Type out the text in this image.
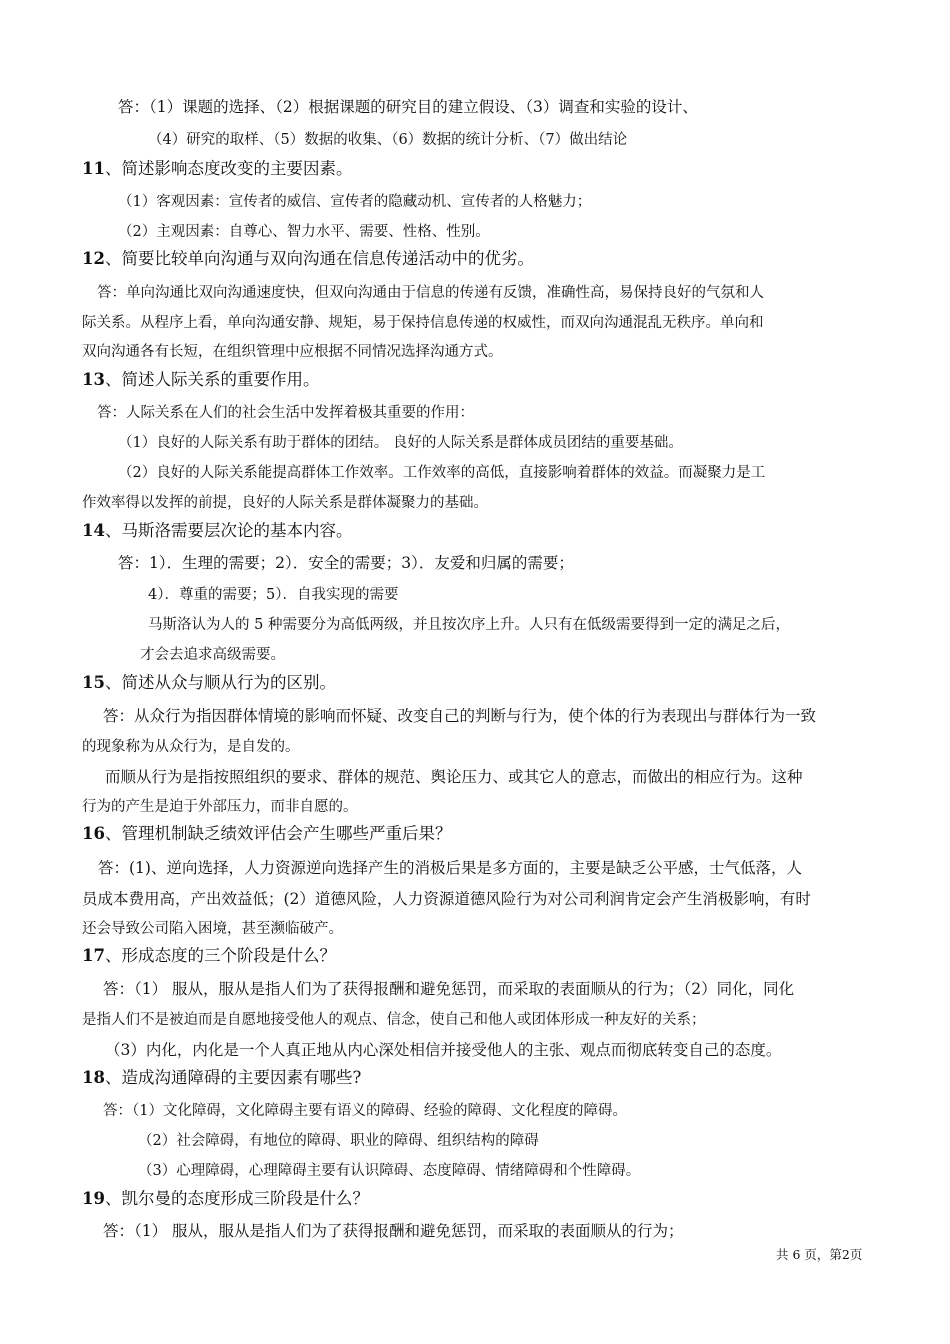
答：（1）课题的选择、（2）根据课题的研究目的建立假设、（3）调查和实验的设计、
（4）研究的取样、（5）数据的收集、（6）数据的统计分析、（7）做出结论
11、简述影响态度改变的主要因素。
（1）客观因素：宣传者的威信、宣传者的隐藏动机、宣传者的人格魅力；
（2）主观因素：自尊心、智力水平、需要、性格、性别。
12、简要比较单向沟通与双向沟通在信息传递活动中的优劣。
答：单向沟通比双向沟通速度快，但双向沟通由于信息的传递有反馈，准确性高，易保持良好的气氛和人
际关系。从程序上看，单向沟通安静、规矩，易于保持信息传递的权威性，而双向沟通混乱无秩序。单向和
双向沟通各有长短，在组织管理中应根据不同情况选择沟通方式。
13、简述人际关系的重要作用。
答：人际关系在人们的社会生活中发挥着极其重要的作用：
（1）良好的人际关系有助于群体的团结。 良好的人际关系是群体成员团结的重要基础。
（2）良好的人际关系能提高群体工作效率。工作效率的高低，直接影响着群体的效益。而凝聚力是工
作效率得以发挥的前提，良好的人际关系是群体凝聚力的基础。
14、马斯洛需要层次论的基本内容。
答：1）．生理的需要；2）．安全的需要；3）．友爱和归属的需要；
4）．尊重的需要；5）．自我实现的需要
马斯洛认为人的 5 种需要分为高低两级，并且按次序上升。人只有在低级需要得到一定的满足之后，
才会去追求高级需要。
15、简述从众与顺从行为的区别。
答：从众行为指因群体情境的影响而怀疑、改变自己的判断与行为，使个体的行为表现出与群体行为一致
的现象称为从众行为，是自发的。
而顺从行为是指按照组织的要求、群体的规范、舆论压力、或其它人的意志，而做出的相应行为。这种
行为的产生是迫于外部压力，而非自愿的。
16、管理机制缺乏绩效评估会产生哪些严重后果？
答：(1)、逆向选择，人力资源逆向选择产生的消极后果是多方面的，主要是缺乏公平感，士气低落，人
员成本费用高，产出效益低；(2）道德风险，人力资源道德风险行为对公司利润肯定会产生消极影响，有时
还会导致公司陷入困境，甚至濒临破产。
17、形成态度的三个阶段是什么？
答：（1） 服从，服从是指人们为了获得报酬和避免惩罚，而采取的表面顺从的行为；（2）同化，同化
是指人们不是被迫而是自愿地接受他人的观点、信念，使自己和他人或团体形成一种友好的关系；
（3）内化，内化是一个人真正地从内心深处相信并接受他人的主张、观点而彻底转变自己的态度。
18、造成沟通障碍的主要因素有哪些?
答：（1）文化障碍，文化障碍主要有语义的障碍、经验的障碍、文化程度的障碍。
（2）社会障碍，有地位的障碍、职业的障碍、组织结构的障碍
（3）心理障碍，心理障碍主要有认识障碍、态度障碍、情绪障碍和个性障碍。
19、凯尔曼的态度形成三阶段是什么？
答：（1） 服从，服从是指人们为了获得报酬和避免惩罚，而采取的表面顺从的行为；
共 6 页，第2页
